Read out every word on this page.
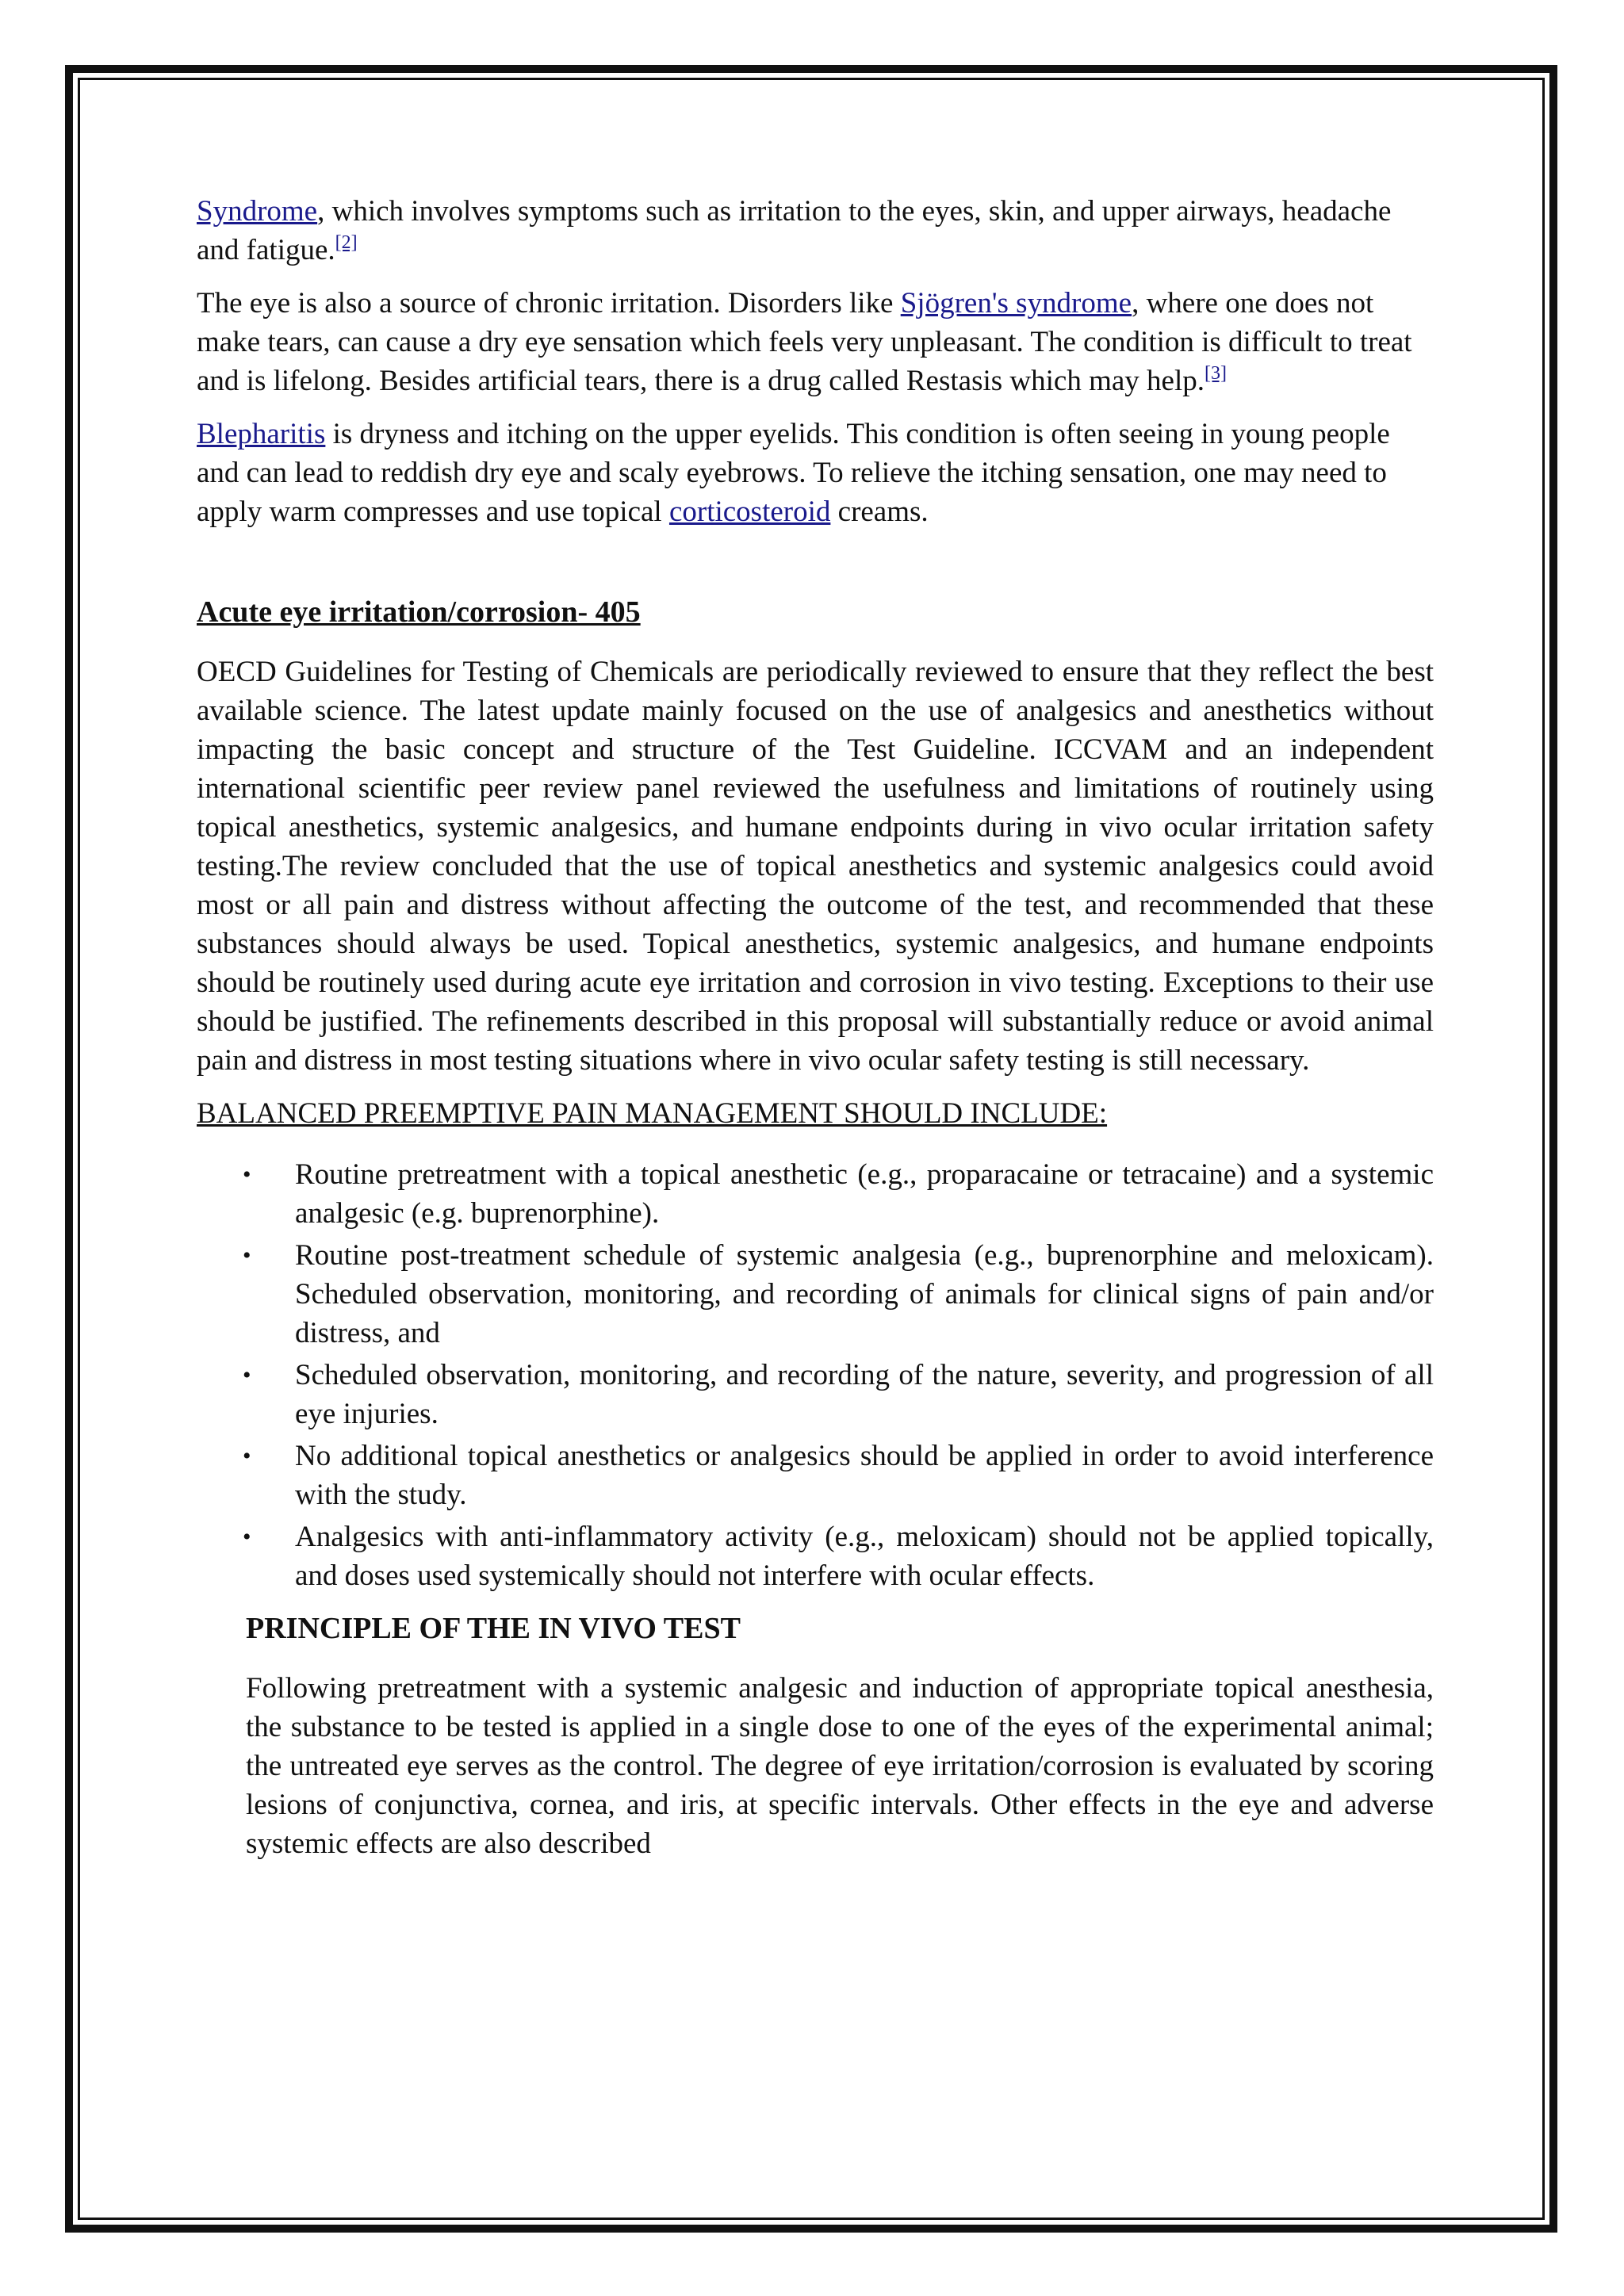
Syndrome, which involves symptoms such as irritation to the eyes, skin, and upper airways, headache and fatigue.[2]

The eye is also a source of chronic irritation. Disorders like Sjögren's syndrome, where one does not make tears, can cause a dry eye sensation which feels very unpleasant. The condition is difficult to treat and is lifelong. Besides artificial tears, there is a drug called Restasis which may help.[3]

Blepharitis is dryness and itching on the upper eyelids. This condition is often seeing in young people and can lead to reddish dry eye and scaly eyebrows. To relieve the itching sensation, one may need to apply warm compresses and use topical corticosteroid creams.

Acute eye irritation/corrosion- 405

OECD Guidelines for Testing of Chemicals are periodically reviewed to ensure that they reflect the best available science. The latest update mainly focused on the use of analgesics and anesthetics without impacting the basic concept and structure of the Test Guideline. ICCVAM and an independent international scientific peer review panel reviewed the usefulness and limitations of routinely using topical anesthetics, systemic analgesics, and humane endpoints during in vivo ocular irritation safety testing.The review concluded that the use of topical anesthetics and systemic analgesics could avoid most or all pain and distress without affecting the outcome of the test, and recommended that these substances should always be used. Topical anesthetics, systemic analgesics, and humane endpoints should be routinely used during acute eye irritation and corrosion in vivo testing. Exceptions to their use should be justified. The refinements described in this proposal will substantially reduce or avoid animal pain and distress in most testing situations where in vivo ocular safety testing is still necessary.

BALANCED PREEMPTIVE PAIN MANAGEMENT SHOULD INCLUDE:

• Routine pretreatment with a topical anesthetic (e.g., proparacaine or tetracaine) and a systemic analgesic (e.g. buprenorphine).
• Routine post-treatment schedule of systemic analgesia (e.g., buprenorphine and meloxicam). Scheduled observation, monitoring, and recording of animals for clinical signs of pain and/or distress, and
• Scheduled observation, monitoring, and recording of the nature, severity, and progression of all eye injuries.
• No additional topical anesthetics or analgesics should be applied in order to avoid interference with the study.
• Analgesics with anti-inflammatory activity (e.g., meloxicam) should not be applied topically, and doses used systemically should not interfere with ocular effects.

PRINCIPLE OF THE IN VIVO TEST

Following pretreatment with a systemic analgesic and induction of appropriate topical anesthesia, the substance to be tested is applied in a single dose to one of the eyes of the experimental animal; the untreated eye serves as the control. The degree of eye irritation/corrosion is evaluated by scoring lesions of conjunctiva, cornea, and iris, at specific intervals. Other effects in the eye and adverse systemic effects are also described
